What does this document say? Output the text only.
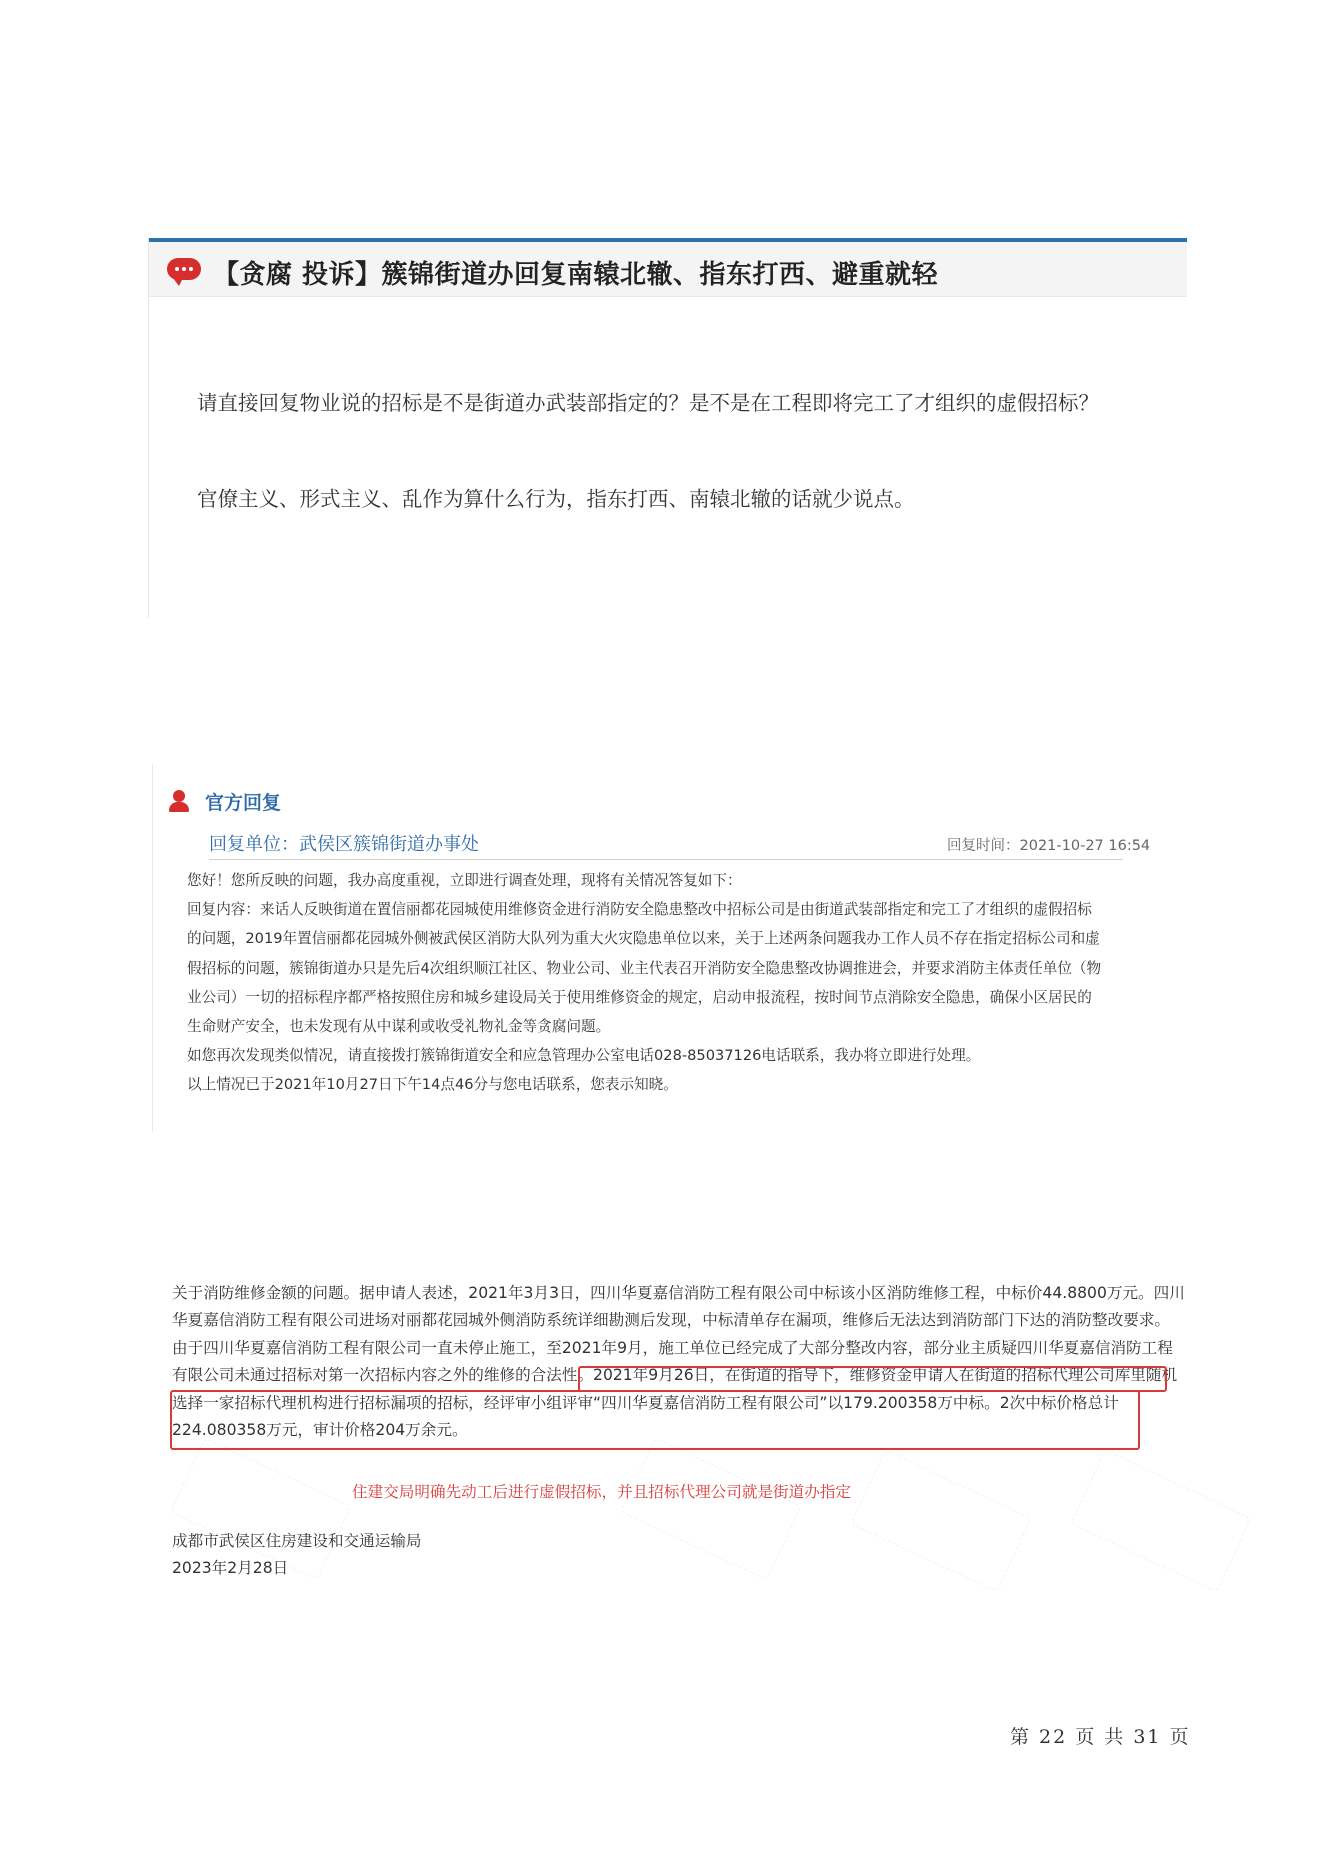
【贪腐 投诉】簇锦街道办回复南辕北辙、指东打西、避重就轻

请直接回复物业说的招标是不是街道办武装部指定的？是不是在工程即将完工了才组织的虚假招标？

官僚主义、形式主义、乱作为算什么行为，指东打西、南辕北辙的话就少说点。

官方回复
回复单位：武侯区簇锦街道办事处	回复时间：2021-10-27 16:54

您好！您所反映的问题，我办高度重视，立即进行调查处理，现将有关情况答复如下：

回复内容：来话人反映街道在置信丽都花园城使用维修资金进行消防安全隐患整改中招标公司是由街道武装部指定和完工了才组织的虚假招标

的问题，2019年置信丽都花园城外侧被武侯区消防大队列为重大火灾隐患单位以来，关于上述两条问题我办工作人员不存在指定招标公司和虚

假招标的问题，簇锦街道办只是先后4次组织顺江社区、物业公司、业主代表召开消防安全隐患整改协调推进会，并要求消防主体责任单位（物

业公司）一切的招标程序都严格按照住房和城乡建设局关于使用维修资金的规定，启动申报流程，按时间节点消除安全隐患，确保小区居民的

生命财产安全，也未发现有从中谋利或收受礼物礼金等贪腐问题。

如您再次发现类似情况，请直接拨打簇锦街道安全和应急管理办公室电话028-85037126电话联系，我办将立即进行处理。

以上情况已于2021年10月27日下午14点46分与您电话联系，您表示知晓。

关于消防维修金额的问题。据申请人表述，2021年3月3日，四川华夏嘉信消防工程有限公司中标该小区消防维修工程，中标价44.8800万元。四川

华夏嘉信消防工程有限公司进场对丽都花园城外侧消防系统详细勘测后发现，中标清单存在漏项，维修后无法达到消防部门下达的消防整改要求。

由于四川华夏嘉信消防工程有限公司一直未停止施工，至2021年9月，施工单位已经完成了大部分整改内容，部分业主质疑四川华夏嘉信消防工程

有限公司未通过招标对第一次招标内容之外的维修的合法性。2021年9月26日，在街道的指导下，维修资金申请人在街道的招标代理公司库里随机

选择一家招标代理机构进行招标漏项的招标，经评审小组评审“四川华夏嘉信消防工程有限公司”以179.200358万中标。2次中标价格总计

224.080358万元，审计价格204万余元。

住建交局明确先动工后进行虚假招标，并且招标代理公司就是街道办指定

成都市武侯区住房建设和交通运输局

2023年2月28日

第 22 页 共 31 页
